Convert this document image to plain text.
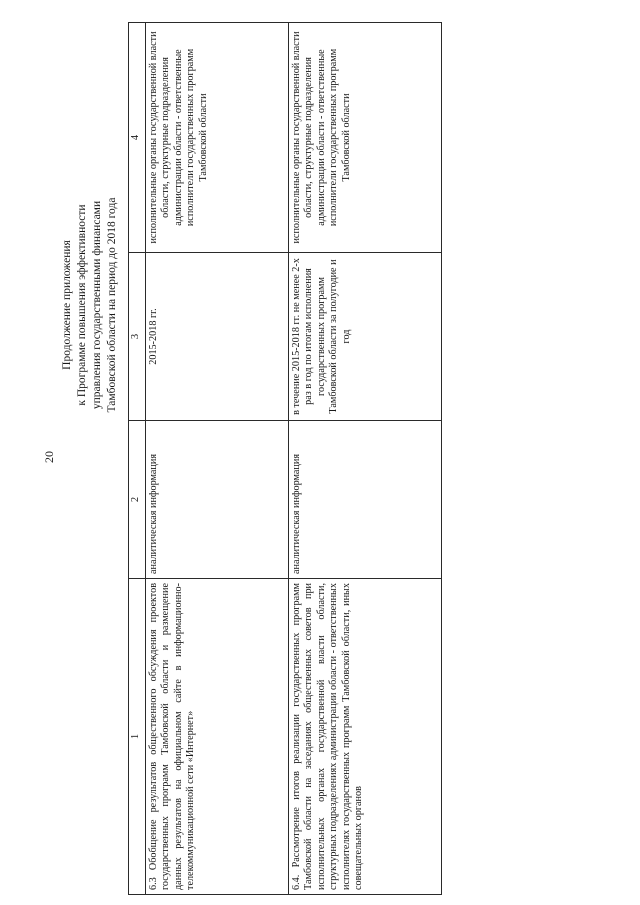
20
Продолжение приложения к Программе повышения эффективности управления государственными финансами Тамбовской области на период до 2018 года
1	2	3	4
6.3 Обобщение результатов общественного обсуждения проектов государственных программ Тамбовской области и размещение данных результатов на официальном сайте в информационно-телекоммуникационной сети «Интернет»	аналитическая информация	2015-2018 гг.	исполнительные органы государственной власти области, структурные подразделения администрации области - ответственные исполнители государственных программ Тамбовской области
6.4. Рассмотрение итогов реализации государственных программ Тамбовской области на заседаниях общественных советов при исполнительных органах государственной власти области, структурных подразделениях администрации области - ответственных исполнителях государственных программ Тамбовской области, иных совещательных органов	аналитическая информация	в течение 2015-2018 гг. не менее 2-х раз в год по итогам исполнения государственных программ Тамбовской области за полугодие и год	исполнительные органы государственной власти области, структурные подразделения администрации области - ответственные исполнители государственных программ Тамбовской области
